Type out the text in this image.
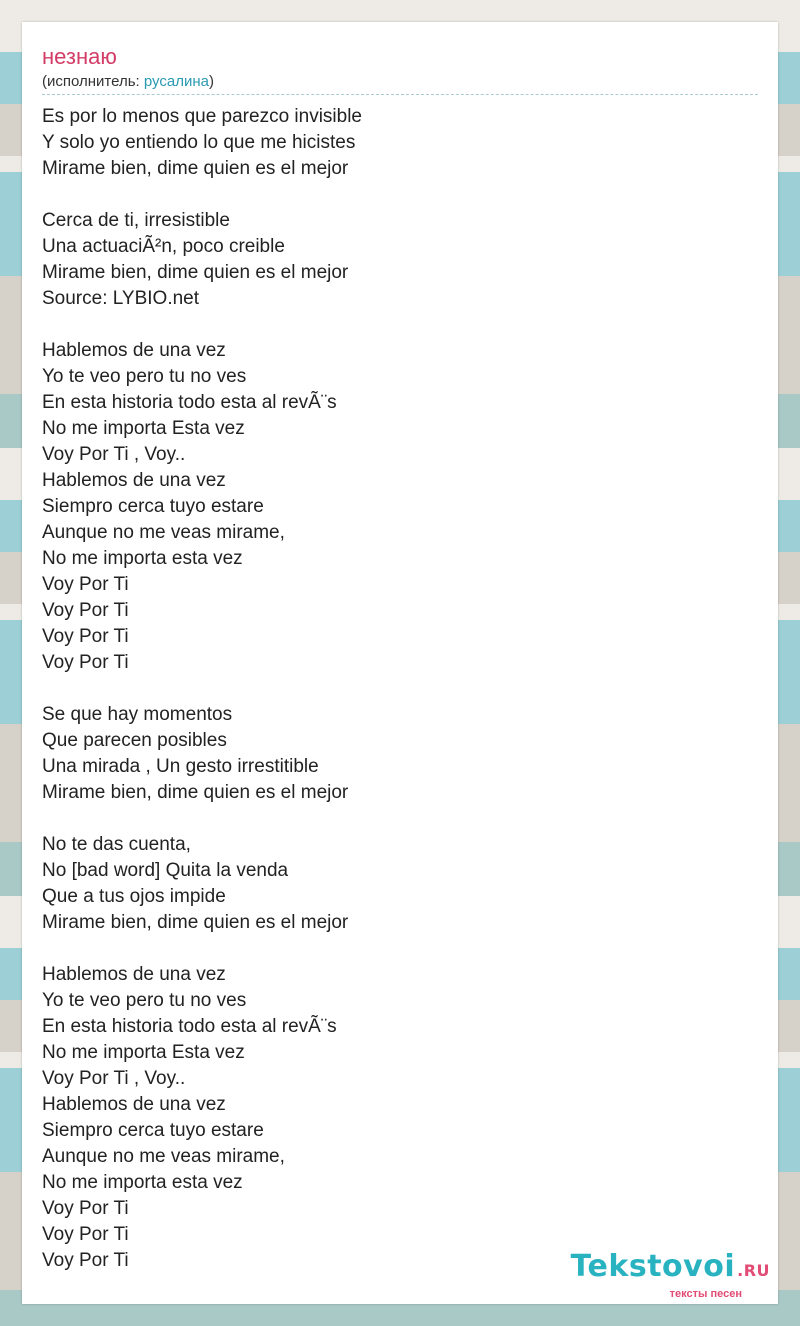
незнаю
(исполнитель: русалина)
Es por lo menos que parezco invisible
Y solo yo entiendo lo que me hicistes
Mirame bien, dime quien es el mejor
Cerca de ti, irresistible
Una actuaciÃ²n, poco creible
Mirame bien, dime quien es el mejor
Source: LYBIO.net
Hablemos de una vez
Yo te veo pero tu no ves
En esta historia todo esta al revÃ¨s
No me importa Esta vez
Voy Por Ti , Voy..
Hablemos de una vez
Siempro cerca tuyo estare
Aunque no me veas mirame,
No me importa esta vez
Voy Por Ti
Voy Por Ti
Voy Por Ti
Voy Por Ti
Se que hay momentos
Que parecen posibles
Una mirada , Un gesto irrestitible
Mirame bien, dime quien es el mejor
No te das cuenta,
No [bad word] Quita la venda
Que a tus ojos impide
Mirame bien, dime quien es el mejor
Hablemos de una vez
Yo te veo pero tu no ves
En esta historia todo esta al revÃ¨s
No me importa Esta vez
Voy Por Ti , Voy..
Hablemos de una vez
Siempro cerca tuyo estare
Aunque no me veas mirame,
No me importa esta vez
Voy Por Ti
Voy Por Ti
Voy Por Ti	Tekstovoi .RU
тексты песен
